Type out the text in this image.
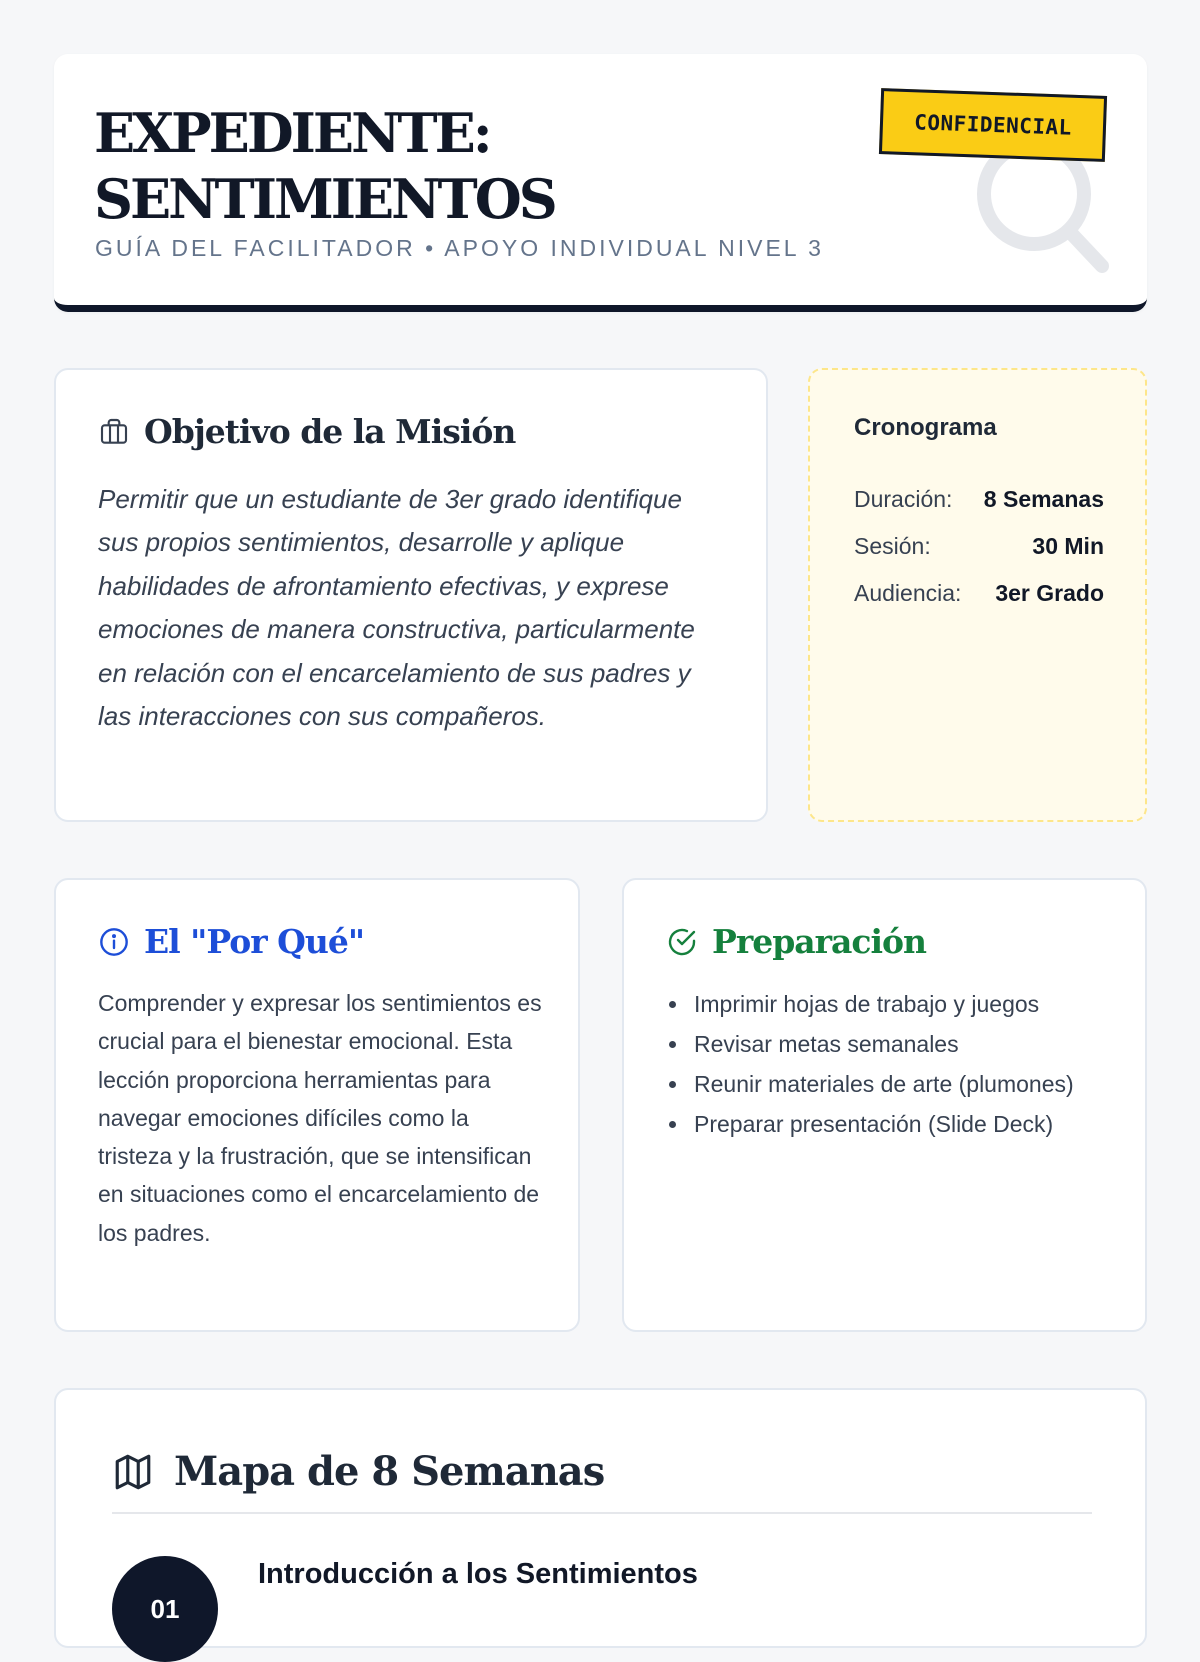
EXPEDIENTE:
SENTIMIENTOS
GUÍA DEL FACILITADOR • APOYO INDIVIDUAL NIVEL 3
CONFIDENCIAL
Objetivo de la Misión

Permitir que un estudiante de 3er grado identifique sus propios sentimientos, desarrolle y aplique habilidades de afrontamiento efectivas, y exprese emociones de manera constructiva, particularmente en relación con el encarcelamiento de sus padres y las interacciones con sus compañeros.

Cronograma
Duración: 8 Semanas
Sesión:	30 Min
Audiencia: 3er Grado
El "Por Qué"

Comprender y expresar los sentimientos es crucial para el bienestar emocional. Esta lección proporciona herramientas para navegar emociones difíciles como la tristeza y la frustración, que se intensifican en situaciones como el encarcelamiento de los padres.

Preparación
Imprimir hojas de trabajo y juegos
Revisar metas semanales
Reunir materiales de arte (plumones)
Preparar presentación (Slide Deck)
Mapa de 8 Semanas
01
Introducción a los Sentimientos
